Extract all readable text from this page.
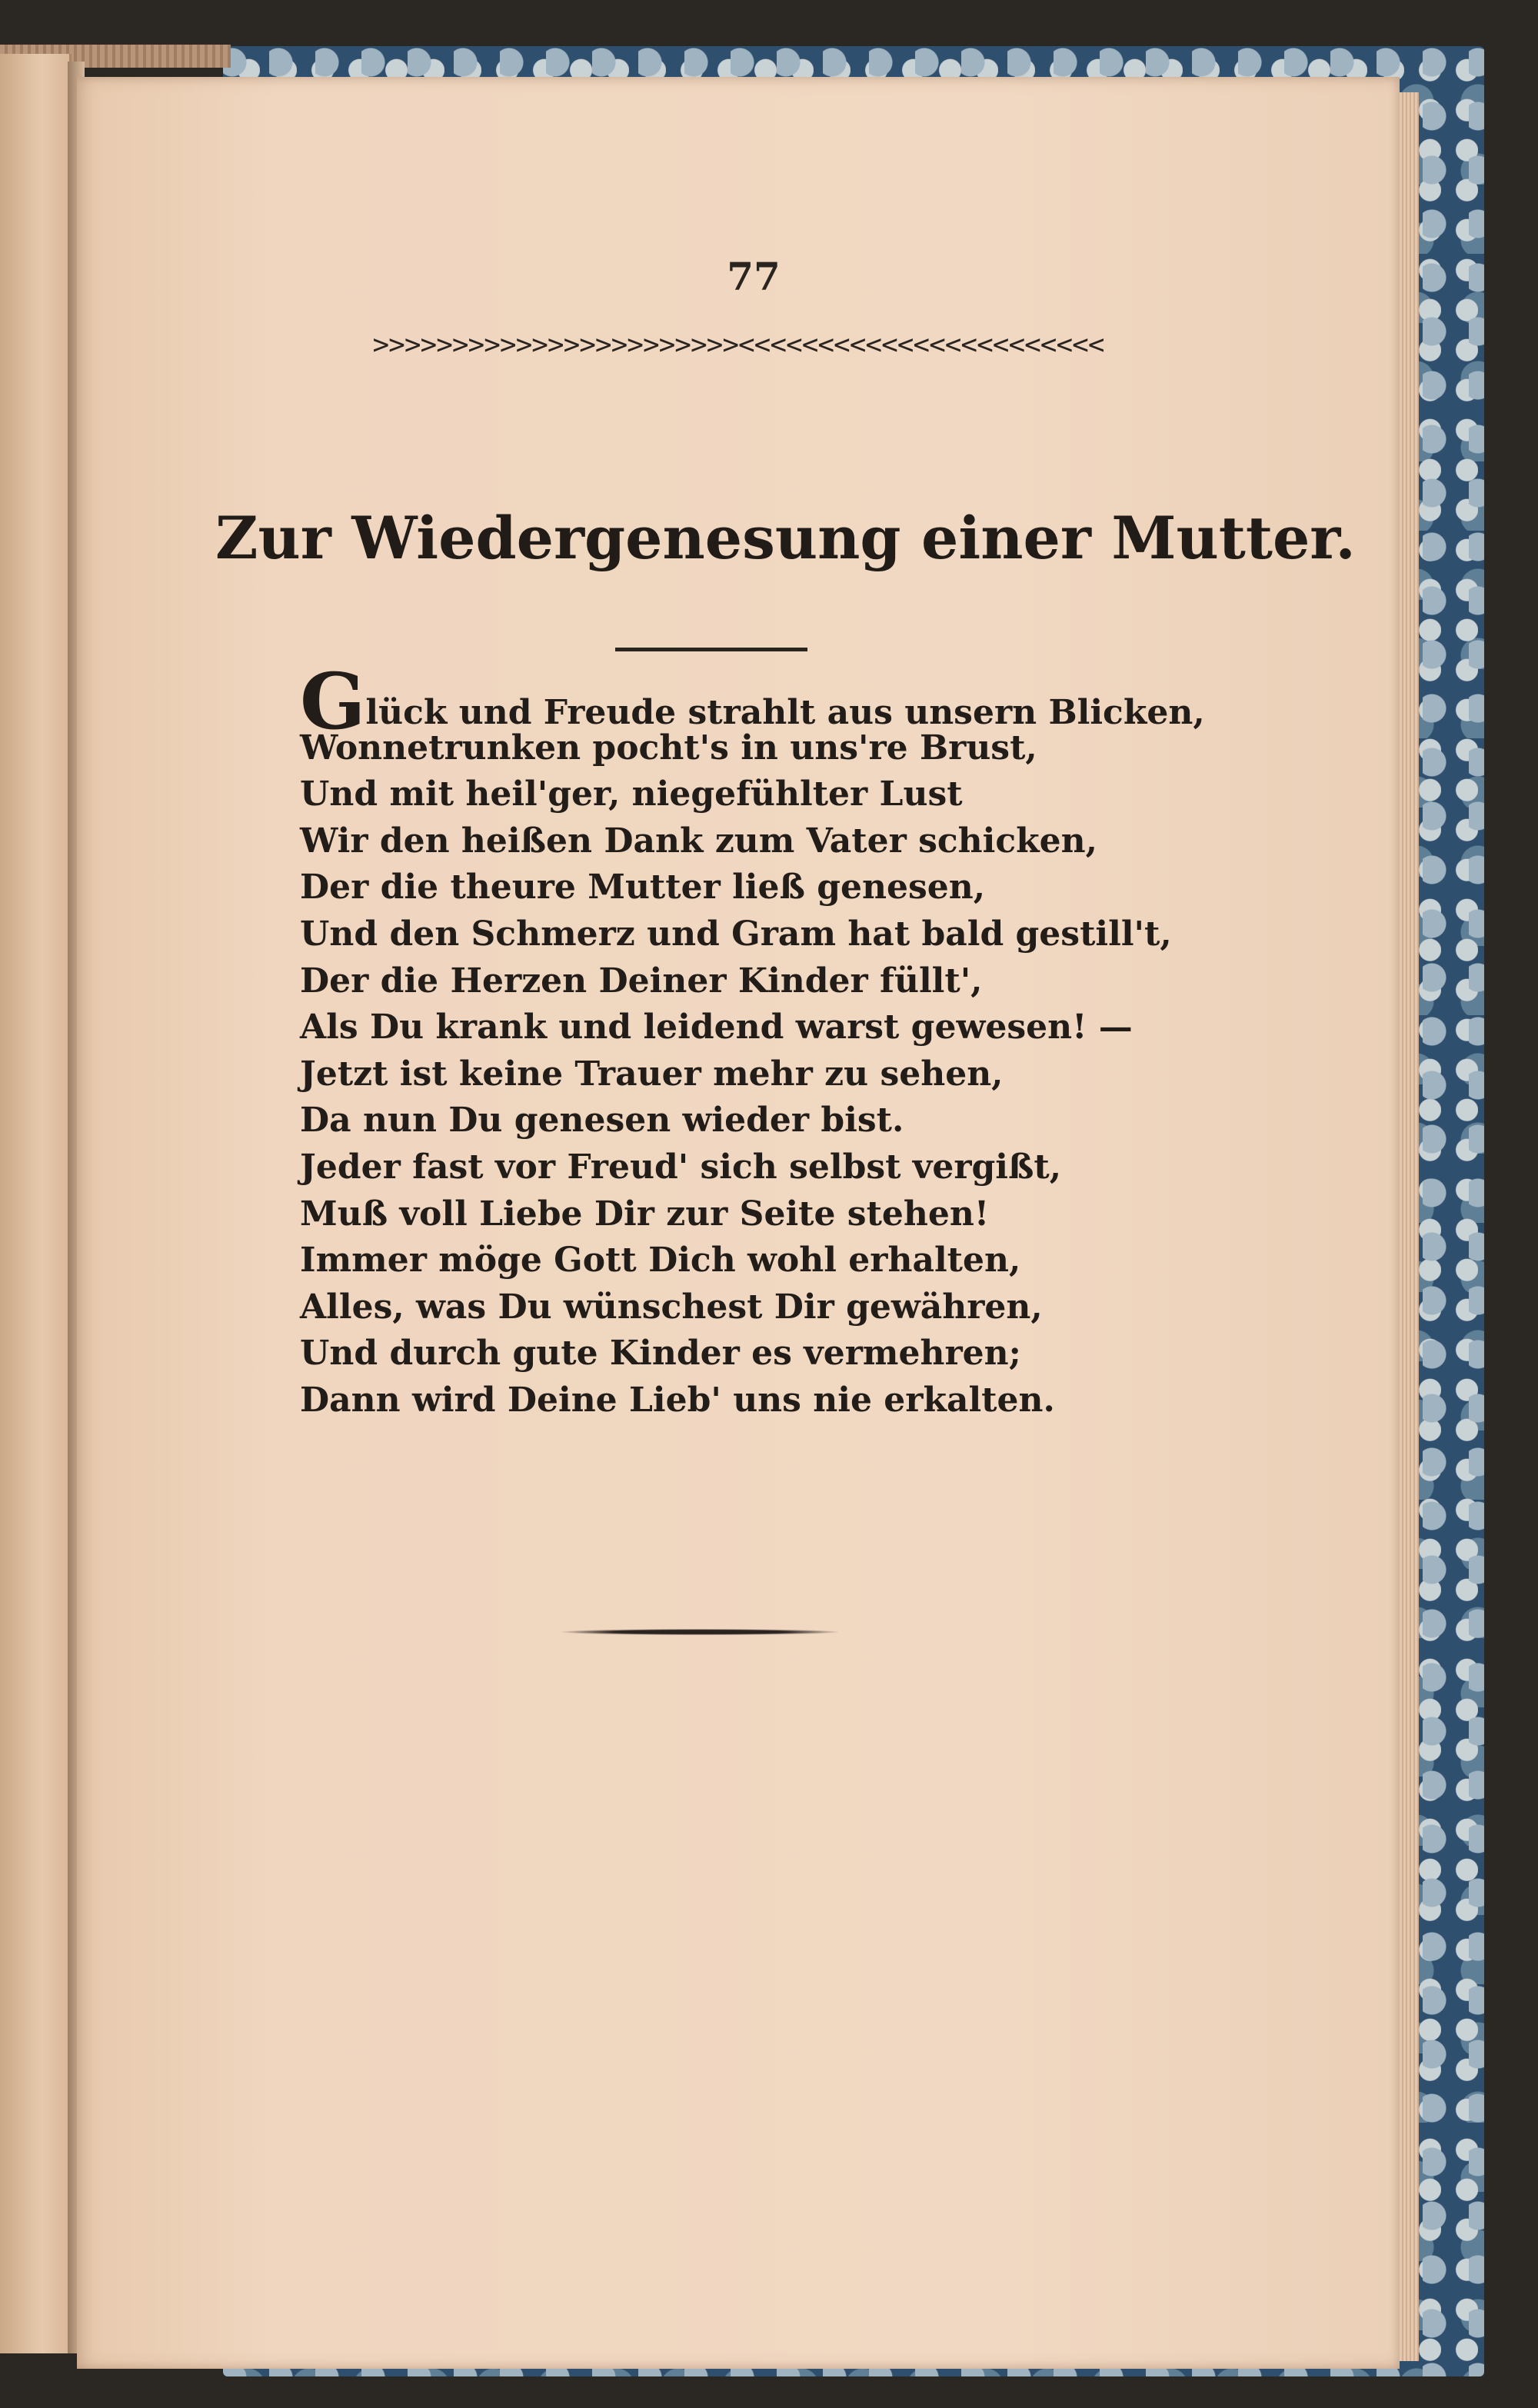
77
>>>>>>>>>>>>>>>>>>>>>>><<<<<<<<<<<<<<<<<<<<<<<
Zur Wiedergenesung einer Mutter.
Glück und Freude strahlt aus unsern Blicken,
Wonnetrunken pocht's in uns're Brust,
Und mit heil'ger, niegefühlter Lust
Wir den heißen Dank zum Vater schicken,
Der die theure Mutter ließ genesen,
Und den Schmerz und Gram hat bald gestill't,
Der die Herzen Deiner Kinder füllt',
Als Du krank und leidend warst gewesen! —
Jetzt ist keine Trauer mehr zu sehen,
Da nun Du genesen wieder bist.
Jeder fast vor Freud' sich selbst vergißt,
Muß voll Liebe Dir zur Seite stehen!
Immer möge Gott Dich wohl erhalten,
Alles, was Du wünschest Dir gewähren,
Und durch gute Kinder es vermehren;
Dann wird Deine Lieb' uns nie erkalten.
